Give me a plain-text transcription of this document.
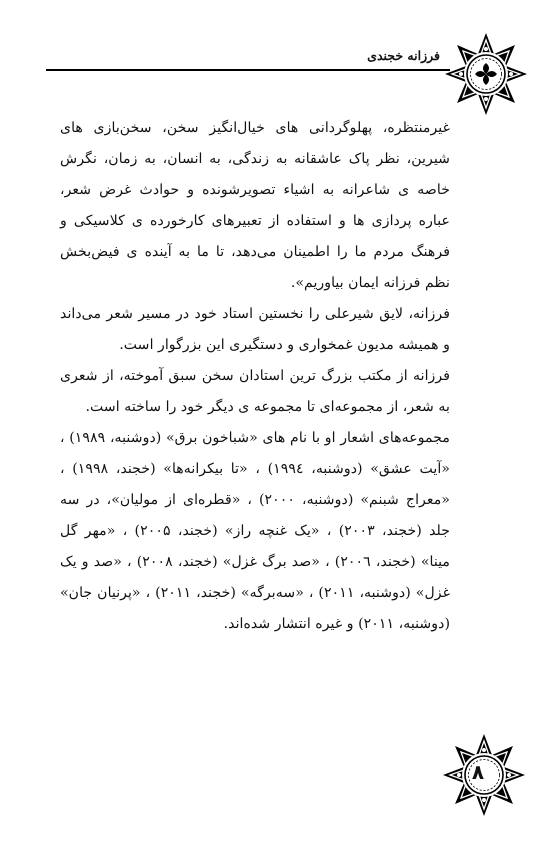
فرزانه خجندی

غیرمنتظره، پهلوگردانی های خیال‌انگیز سخن، سخن‌بازی های شیرین، نظر پاک عاشقانه به زندگی، به انسان، به زمان، نگرش خاصه ی شاعرانه به اشیاء تصویرشونده و حوادث غرض شعر، عباره پردازی ها و استفاده از تعبیرهای کارخورده ی کلاسیکی و فرهنگ مردم ما را اطمینان می‌دهد، تا ما به آینده ی فیض‌بخش نظم فرزانه ایمان بیاوریم».

فرزانه، لایق شیرعلی را نخستین استاد خود در مسیر شعر می‌داند و همیشه مدیون غمخواری و دستگیری این بزرگوار است.

فرزانه از مکتب بزرگ ترین استادان سخن سبق آموخته، از شعری به شعر، از مجموعه‌ای تا مجموعه ی دیگر خود را ساخته است.

مجموعه‌های اشعار او با نام های «شباخون برق» (دوشنبه، ۱۹۸۹) ، «آیت عشق» (دوشنبه، ۱۹۹٤) ، «تا بیکرانه‌ها» (خجند، ۱۹۹۸) ، «معراج شبنم» (دوشنبه، ۲۰۰۰) ، «قطره‌ای از مولیان»، در سه جلد (خجند، ۲۰۰۳) ، «یک غنچه راز» (خجند، ۲۰۰۵) ، «مهر گل مینا» (خجند، ۲۰۰٦) ، «صد برگ غزل» (خجند، ۲۰۰۸) ، «صد و یک غزل» (دوشنبه، ۲۰۱۱) ، «سه‌برگه» (خجند، ۲۰۱۱) ، «پرنیان جان» (دوشنبه، ۲۰۱۱) و غیره انتشار شده‌اند.

۸
